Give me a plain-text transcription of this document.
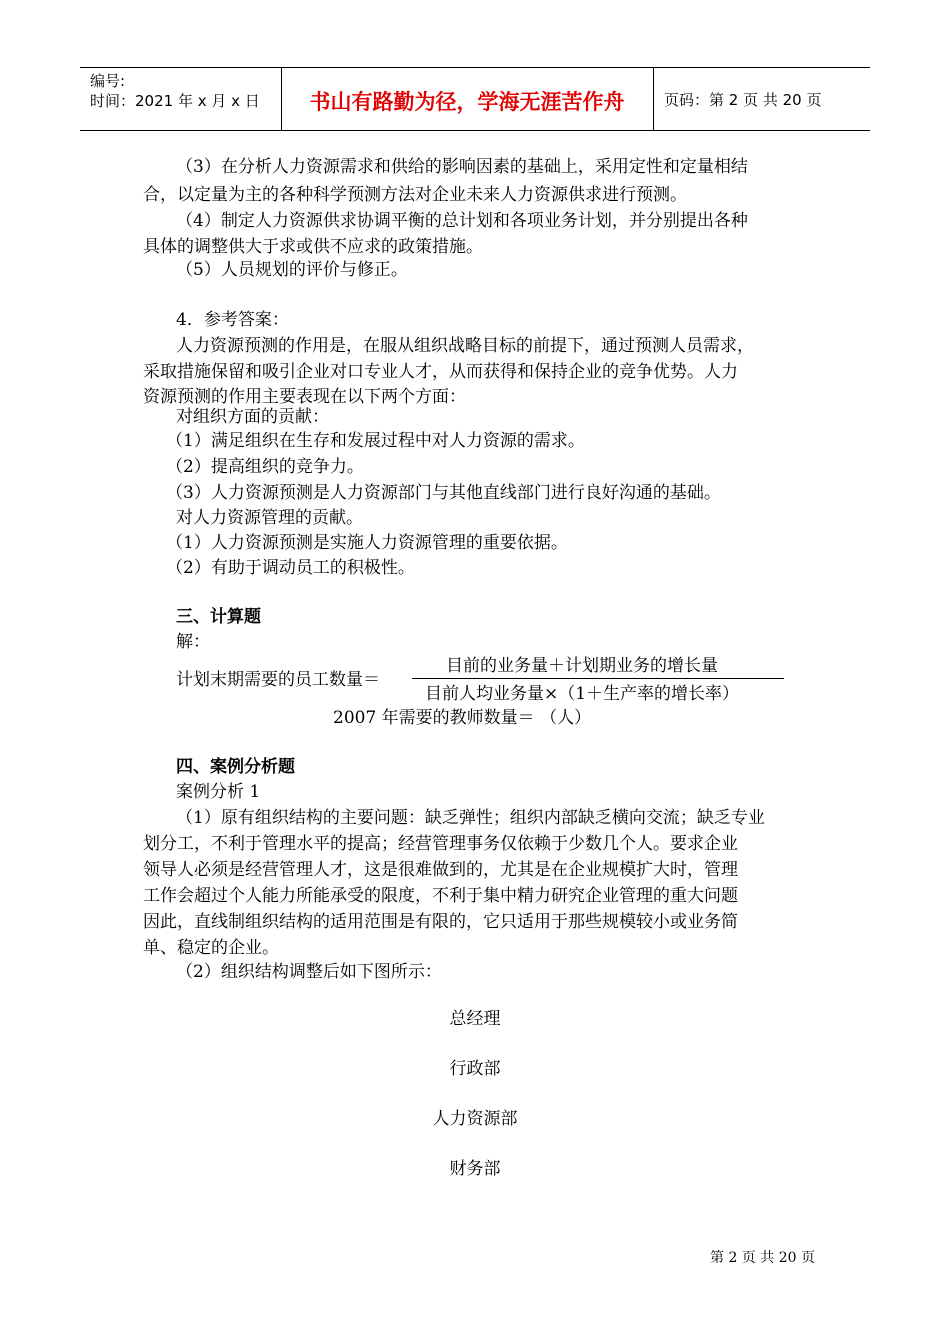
编号:
时间：2021 年 x 月 x 日	书山有路勤为径，学海无涯苦作舟	页码：第 2 页 共 20 页
（3）在分析人力资源需求和供给的影响因素的基础上，采用定性和定量相结
合，以定量为主的各种科学预测方法对企业未来人力资源供求进行预测。
（4）制定人力资源供求协调平衡的总计划和各项业务计划，并分别提出各种
具体的调整供大于求或供不应求的政策措施。
（5）人员规划的评价与修正。
4．参考答案：
人力资源预测的作用是，在服从组织战略目标的前提下，通过预测人员需求，
采取措施保留和吸引企业对口专业人才，从而获得和保持企业的竞争优势。人力
资源预测的作用主要表现在以下两个方面：
对组织方面的贡献：
（1）满足组织在生存和发展过程中对人力资源的需求。
（2）提高组织的竞争力。
（3）人力资源预测是人力资源部门与其他直线部门进行良好沟通的基础。
对人力资源管理的贡献。
（1）人力资源预测是实施人力资源管理的重要依据。
（2）有助于调动员工的积极性。
三、计算题
解：
计划末期需要的员工数量＝
目前的业务量＋计划期业务的增长量
目前人均业务量×（1＋生产率的增长率）
2007 年需要的教师数量＝ （人）
四、案例分析题
案例分析 1
（1）原有组织结构的主要问题：缺乏弹性；组织内部缺乏横向交流；缺乏专业
划分工，不利于管理水平的提高；经营管理事务仅依赖于少数几个人。要求企业
领导人必须是经营管理人才，这是很难做到的，尤其是在企业规模扩大时，管理
工作会超过个人能力所能承受的限度，不利于集中精力研究企业管理的重大问题
因此，直线制组织结构的适用范围是有限的，它只适用于那些规模较小或业务简
单、稳定的企业。
（2）组织结构调整后如下图所示：
总经理
行政部
人力资源部
财务部
第 2 页 共 20 页
